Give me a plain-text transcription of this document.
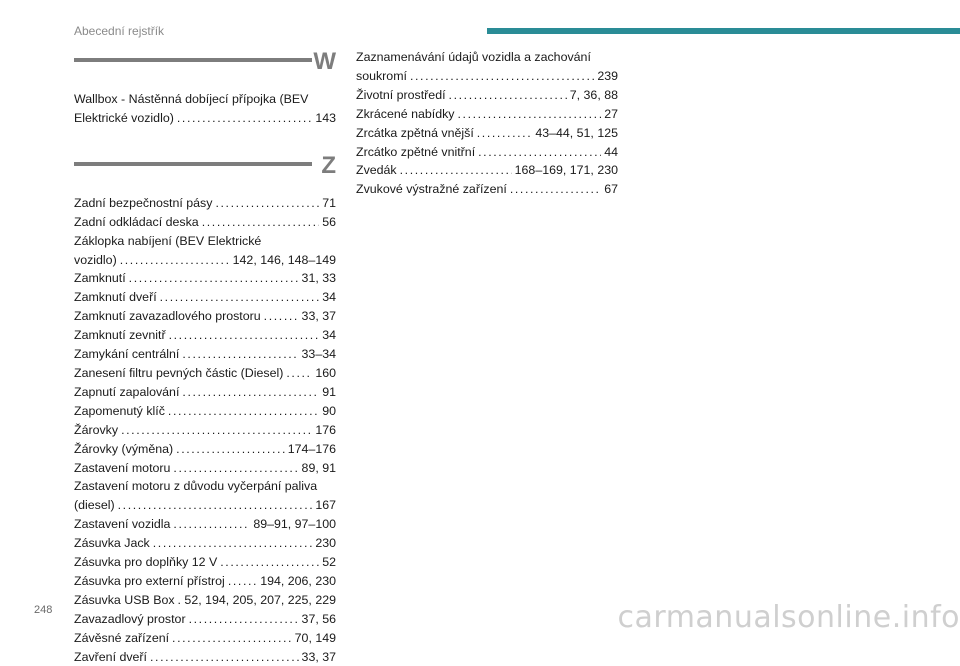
Abecední rejstřík
W
Wallbox - Nástěnná dobíjecí přípojka (BEV
Elektrické vozidlo) .....	143
Z
Zadní bezpečnostní pásy .....	71
Zadní odkládací deska .....	56
Záklopka nabíjení (BEV Elektrické
vozidlo) .....	142, 146, 148–149
Zamknutí .....	31, 33
Zamknutí dveří .....	34
Zamknutí zavazadlového prostoru .....	33, 37
Zamknutí zevnitř .....	34
Zamykání centrální .....	33–34
Zanesení filtru pevných částic (Diesel) .....	160
Zapnutí zapalování .....	91
Zapomenutý klíč .....	90
Žárovky .....	176
Žárovky (výměna) .....	174–176
Zastavení motoru .....	89, 91
Zastavení motoru z důvodu vyčerpání paliva
(diesel) .....	167
Zastavení vozidla .....	89–91, 97–100
Zásuvka Jack .....	230
Zásuvka pro doplňky 12 V .....	52
Zásuvka pro externí přístroj .....	194, 206, 230
Zásuvka USB Box ..... 52, 194, 205, 207, 225, 229
Zavazadlový prostor .....	37, 56
Závěsné zařízení .....	70, 149
Zavření dveří .....	33, 37
Zaznamenávání údajů vozidla a zachování
soukromí .....	239
Životní prostředí .....	7, 36, 88
Zkrácené nabídky .....	27
Zrcátka zpětná vnější .....	43–44, 51, 125
Zrcátko zpětné vnitřní .....	44
Zvedák .....	168–169, 171, 230
Zvukové výstražné zařízení .....	67
248	carmanualsonline.info
